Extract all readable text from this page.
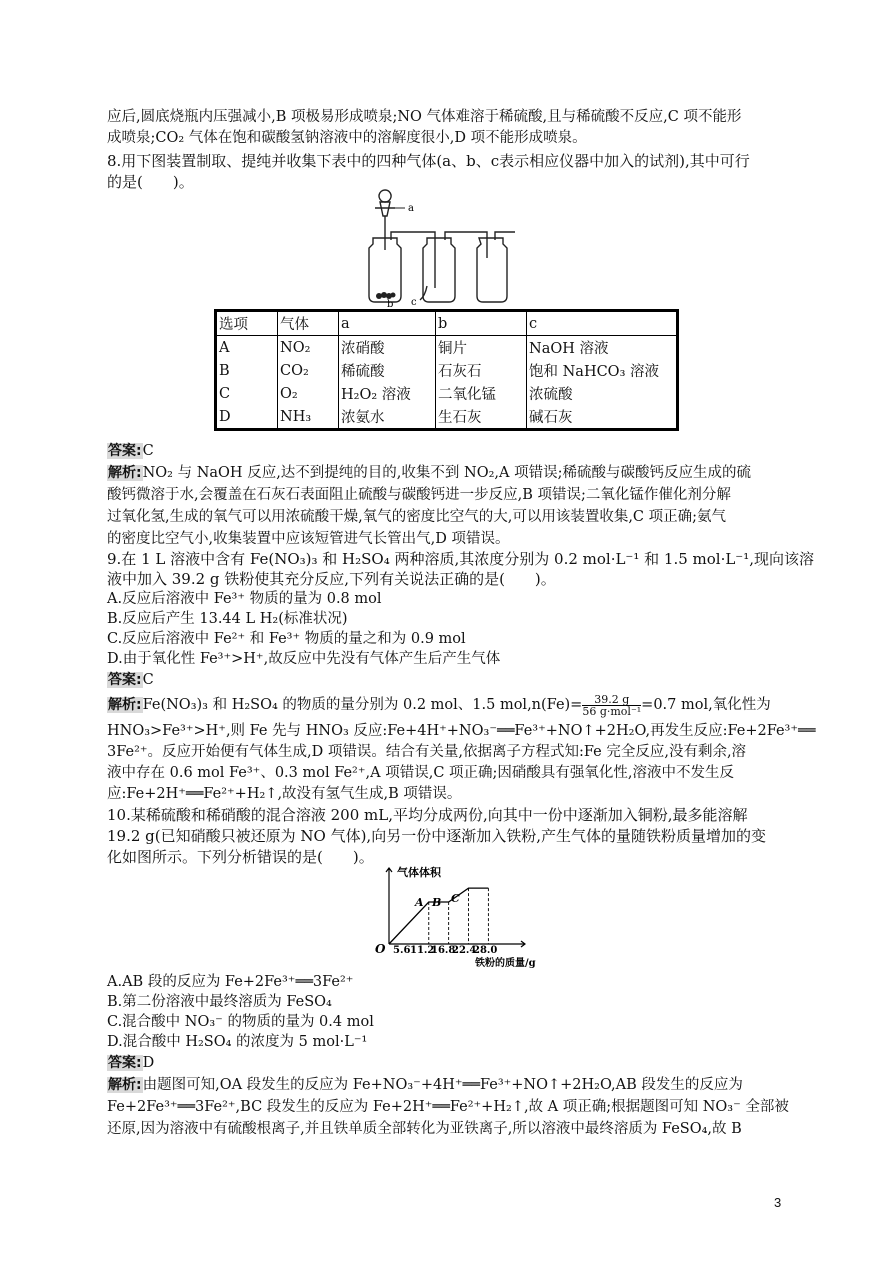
应后,圆底烧瓶内压强减小,B 项极易形成喷泉;NO 气体难溶于稀硫酸,且与稀硫酸不反应,C 项不能形
成喷泉;CO₂ 气体在饱和碳酸氢钠溶液中的溶解度很小,D 项不能形成喷泉。
8.用下图装置制取、提纯并收集下表中的四种气体(a、b、c表示相应仪器中加入的试剂),其中可行
的是(　　)。
a
b c
选项	气体	a	b	c
A	NO₂	浓硝酸	铜片	NaOH 溶液
B	CO₂	稀硫酸	石灰石	饱和 NaHCO₃ 溶液
C	O₂	H₂O₂ 溶液	二氧化锰	浓硫酸
D	NH₃	浓氨水	生石灰	碱石灰
答案:C
解析:NO₂ 与 NaOH 反应,达不到提纯的目的,收集不到 NO₂,A 项错误;稀硫酸与碳酸钙反应生成的硫
酸钙微溶于水,会覆盖在石灰石表面阻止硫酸与碳酸钙进一步反应,B 项错误;二氧化锰作催化剂分解
过氧化氢,生成的氧气可以用浓硫酸干燥,氧气的密度比空气的大,可以用该装置收集,C 项正确;氨气
的密度比空气小,收集装置中应该短管进气长管出气,D 项错误。
9.在 1 L 溶液中含有 Fe(NO₃)₃ 和 H₂SO₄ 两种溶质,其浓度分别为 0.2 mol·L⁻¹ 和 1.5 mol·L⁻¹,现向该溶
液中加入 39.2 g 铁粉使其充分反应,下列有关说法正确的是(　　)。
A.反应后溶液中 Fe³⁺ 物质的量为 0.8 mol
B.反应后产生 13.44 L H₂(标准状况)
C.反应后溶液中 Fe²⁺ 和 Fe³⁺ 物质的量之和为 0.9 mol
D.由于氧化性 Fe³⁺>H⁺,故反应中先没有气体产生后产生气体
答案:C
解析:Fe(NO₃)₃ 和 H₂SO₄ 的物质的量分别为 0.2 mol、1.5 $mol,n(Fe)= \frac{39.2 g}{\text{56 g·mol⁻¹}} =0.7$ mol,氧化性为
HNO₃>Fe³⁺>H⁺,则 Fe 先与 HNO₃ 反应:Fe+4H⁺+NO₃⁻══Fe³⁺+NO↑+2H₂O,再发生反应:Fe+2Fe³⁺══
3Fe²⁺。反应开始便有气体生成,D 项错误。结合有关量,依据离子方程式知:Fe 完全反应,没有剩余,溶
液中存在 0.6 mol Fe³⁺、0.3 mol Fe²⁺,A 项错误,C 项正确;因硝酸具有强氧化性,溶液中不发生反
应:Fe+2H⁺══Fe²⁺+H₂↑,故没有氢气生成,B 项错误。
10.某稀硫酸和稀硝酸的混合溶液 200 mL,平均分成两份,向其中一份中逐渐加入铜粉,最多能溶解
19.2 g(已知硝酸只被还原为 NO 气体),向另一份中逐渐加入铁粉,产生气体的量随铁粉质量增加的变
化如图所示。下列分析错误的是(　　)。
气体体积
O 5.6 11.2
16.8
22.4
28.0
A B C
铁粉的质量/g
A.AB 段的反应为 Fe+2Fe³⁺══3Fe²⁺
B.第二份溶液中最终溶质为 FeSO₄
C.混合酸中 NO₃⁻ 的物质的量为 0.4 mol
D.混合酸中 H₂SO₄ 的浓度为 5 mol·L⁻¹
答案:D
解析:由题图可知,OA 段发生的反应为 Fe+NO₃⁻+4H⁺══Fe³⁺+NO↑+2H₂O,AB 段发生的反应为
Fe+2Fe³⁺══3Fe²⁺,BC 段发生的反应为 Fe+2H⁺══Fe²⁺+H₂↑,故 A 项正确;根据题图可知 NO₃⁻ 全部被
还原,因为溶液中有硫酸根离子,并且铁单质全部转化为亚铁离子,所以溶液中最终溶质为 FeSO₄,故 B
3
